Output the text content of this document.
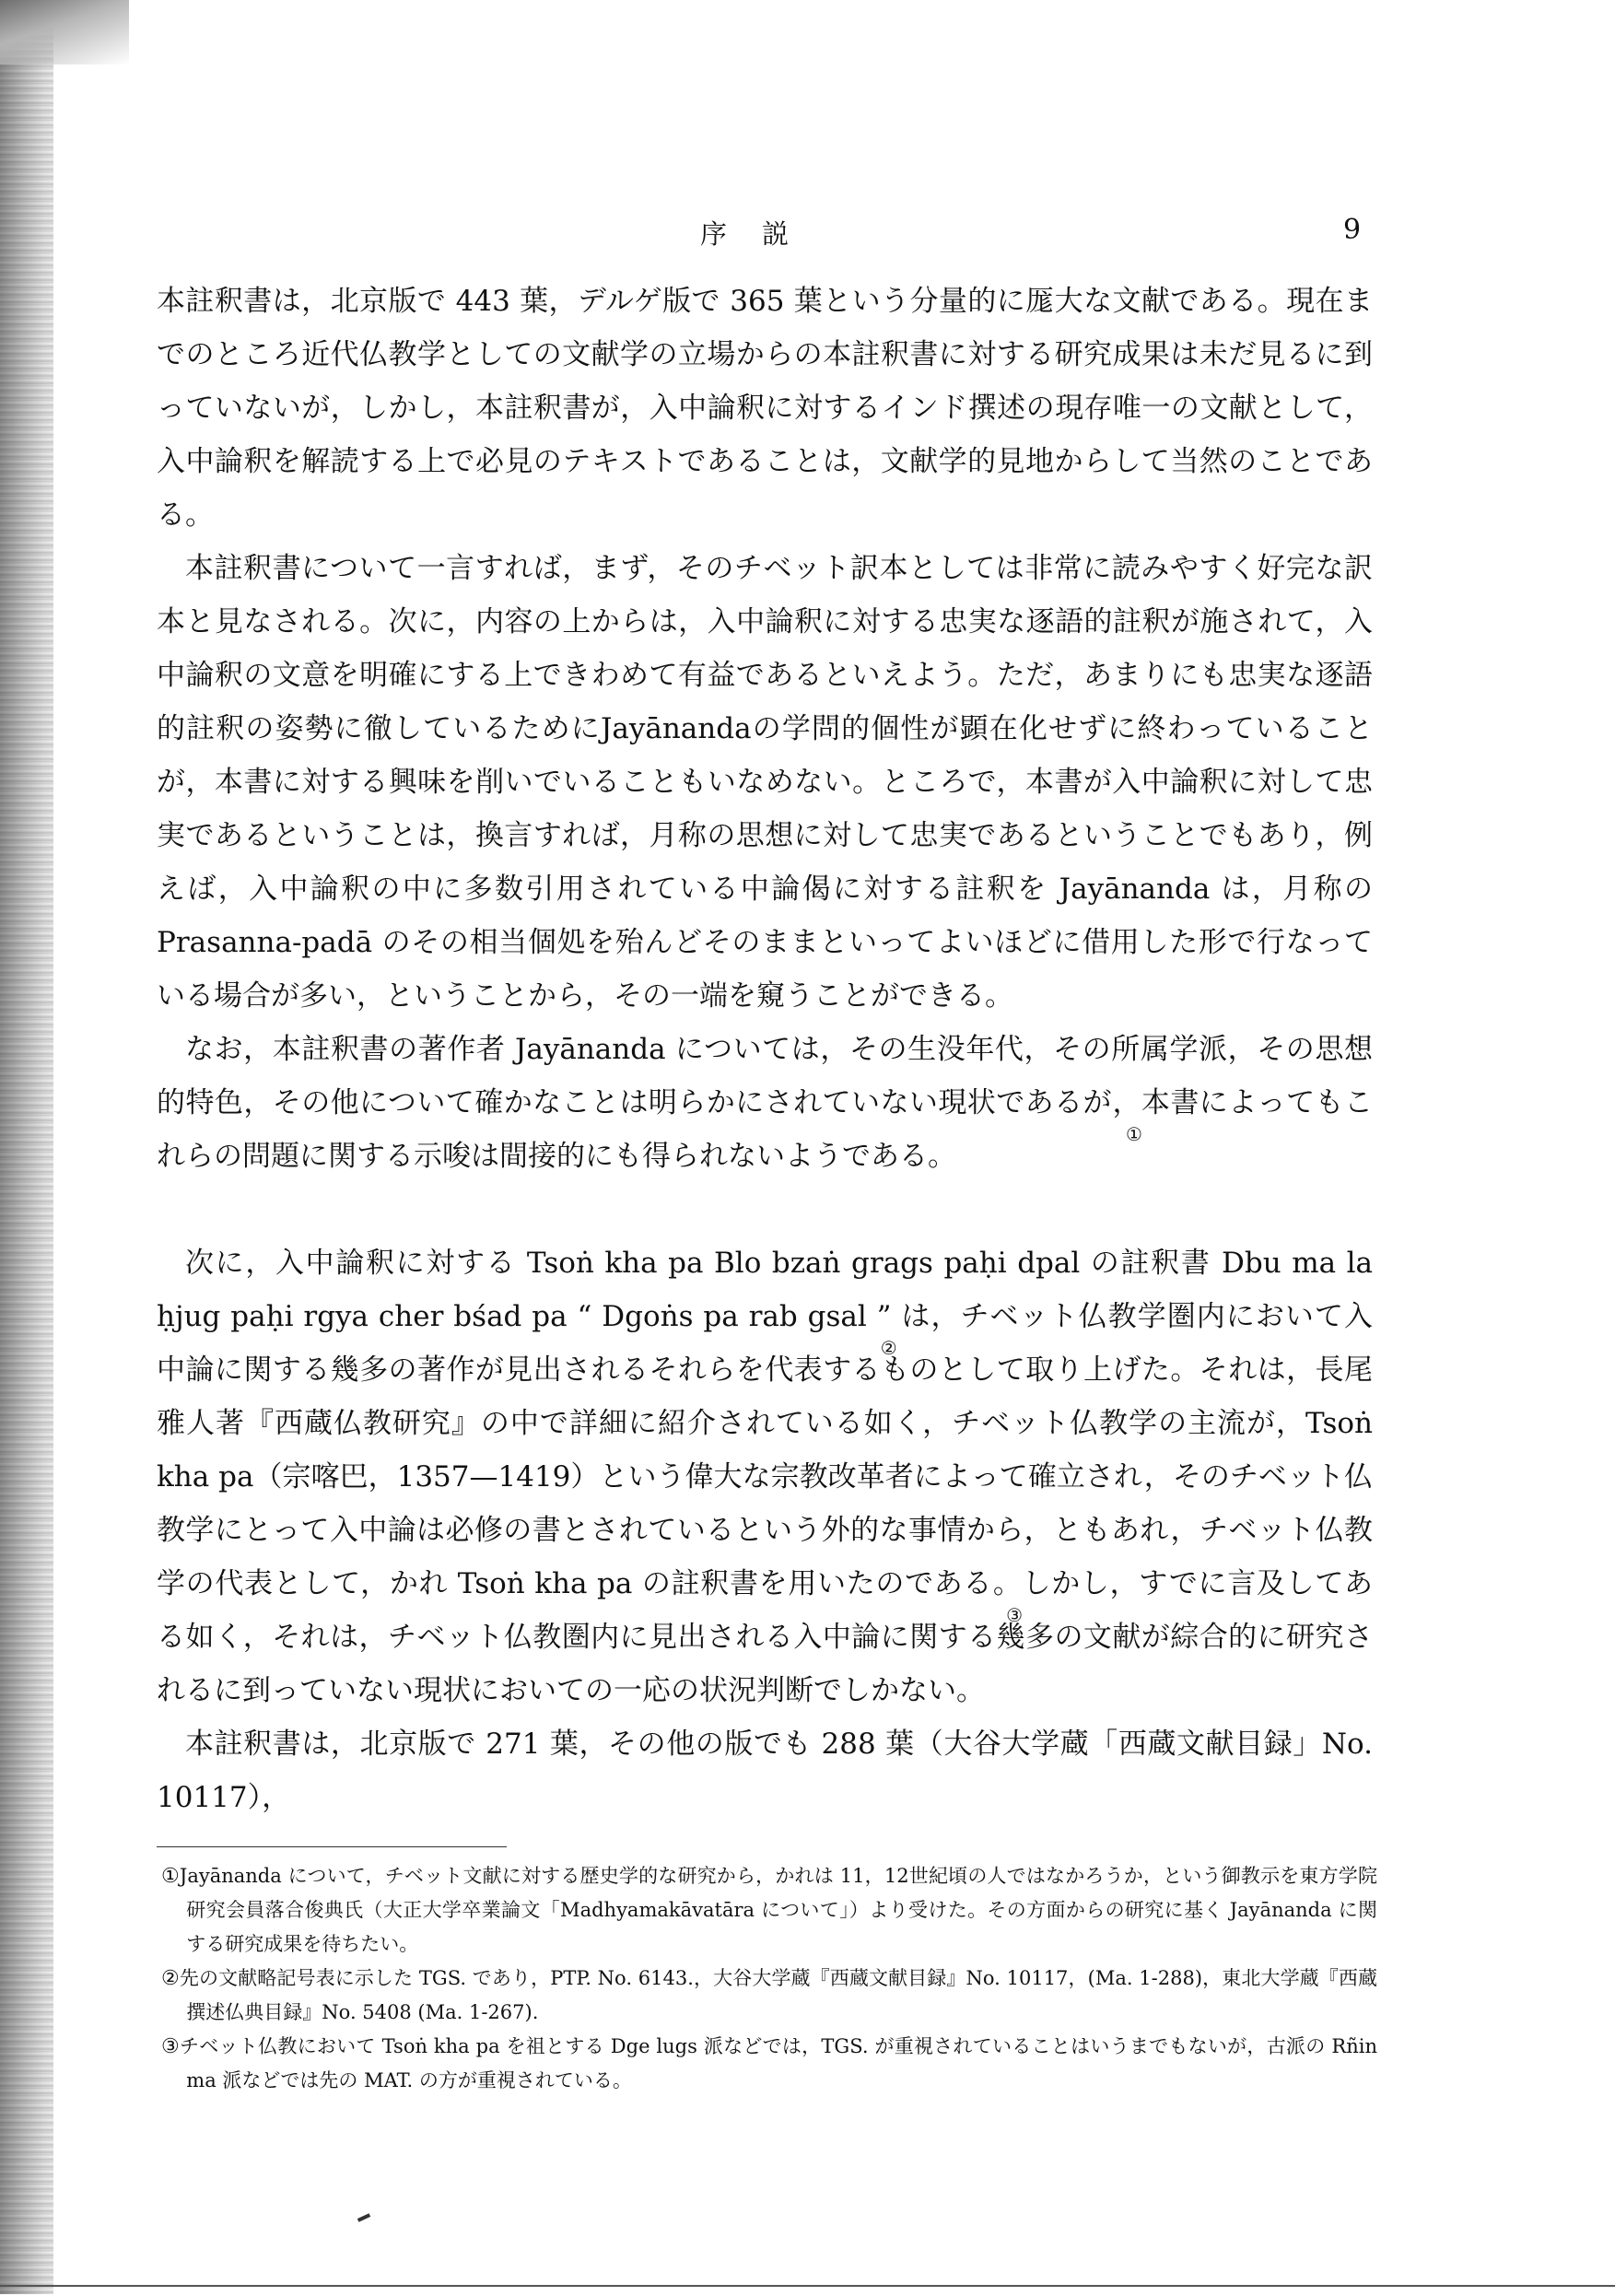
序説	9

本註釈書は，北京版で 443 葉，デルゲ版で 365 葉という分量的に厖大な文献である。現在までのところ近代仏教学としての文献学の立場からの本註釈書に対する研究成果は未だ見るに到っていないが，しかし，本註釈書が，入中論釈に対するインド撰述の現存唯一の文献として，入中論釈を解読する上で必見のテキストであることは，文献学的見地からして当然のことである。

本註釈書について一言すれば，まず，そのチベット訳本としては非常に読みやすく好完な訳本と見なされる。次に，内容の上からは，入中論釈に対する忠実な逐語的註釈が施されて，入中論釈の文意を明確にする上できわめて有益であるといえよう。ただ，あまりにも忠実な逐語的註釈の姿勢に徹しているためにJayānandaの学問的個性が顕在化せずに終わっていることが，本書に対する興味を削いでいることもいなめない。ところで，本書が入中論釈に対して忠実であるということは，換言すれば，月称の思想に対して忠実であるということでもあり，例えば，入中論釈の中に多数引用されている中論偈に対する註釈を Jayānanda は，月称の Prasanna-padā のその相当個処を殆んどそのままといってよいほどに借用した形で行なっている場合が多い，ということから，その一端を窺うことができる。

なお，本註釈書の著作者 Jayānanda については，その生没年代，その所属学派，その思想的特色，その他について確かなことは明らかにされていない現状であるが
①
，本書によってもこれらの問題に関する示唆は間接的にも得られないようである。

次に，入中論釈に対する Tsoṅ kha pa Blo bzaṅ grags paḥi dpal の註釈書 Dbu ma la ḥjug paḥi rgya cher bśad pa “ Dgoṅs pa rab gsal
②
” は，チベット仏教学圏内において入中論に関する幾多の著作が見出されるそれらを代表するものとして取り上げた。それは，長尾雅人著『西蔵仏教研究』の中で詳細に紹介されている如く，チベット仏教学の主流が，Tsoṅ kha pa（宗喀巴，1357—1419）という偉大な宗教改革者によって確立され，そのチベット仏教学にとって入中論は必修の書とされているという外的な事情から，ともあれ，チベット仏教学の代表として，かれ Tsoṅ kha pa の註釈書を用いたのである
③
。しかし，すでに言及してある如く，それは，チベット仏教圏内に見出される入中論に関する幾多の文献が綜合的に研究されるに到っていない現状においての一応の状況判断でしかない。

本註釈書は，北京版で 271 葉，その他の版でも 288 葉（大谷大学蔵「西蔵文献目録」No. 10117），

①Jayānanda について，チベット文献に対する歴史学的な研究から，かれは 11，12世紀頃の人ではなかろうか，という御教示を東方学院研究会員落合俊典氏（大正大学卒業論文「Madhyamakāvatāra について」）より受けた。その方面からの研究に基く Jayānanda に関する研究成果を待ちたい。

②先の文献略記号表に示した TGS. であり，PTP. No. 6143.，大谷大学蔵『西蔵文献目録』No. 10117，(Ma. 1-288)，東北大学蔵『西蔵撰述仏典目録』No. 5408 (Ma. 1-267).

③チベット仏教において Tsoṅ kha pa を祖とする Dge lugs 派などでは，TGS. が重視されていることはいうまでもないが，古派の Rñin ma 派などでは先の MAT. の方が重視されている。
